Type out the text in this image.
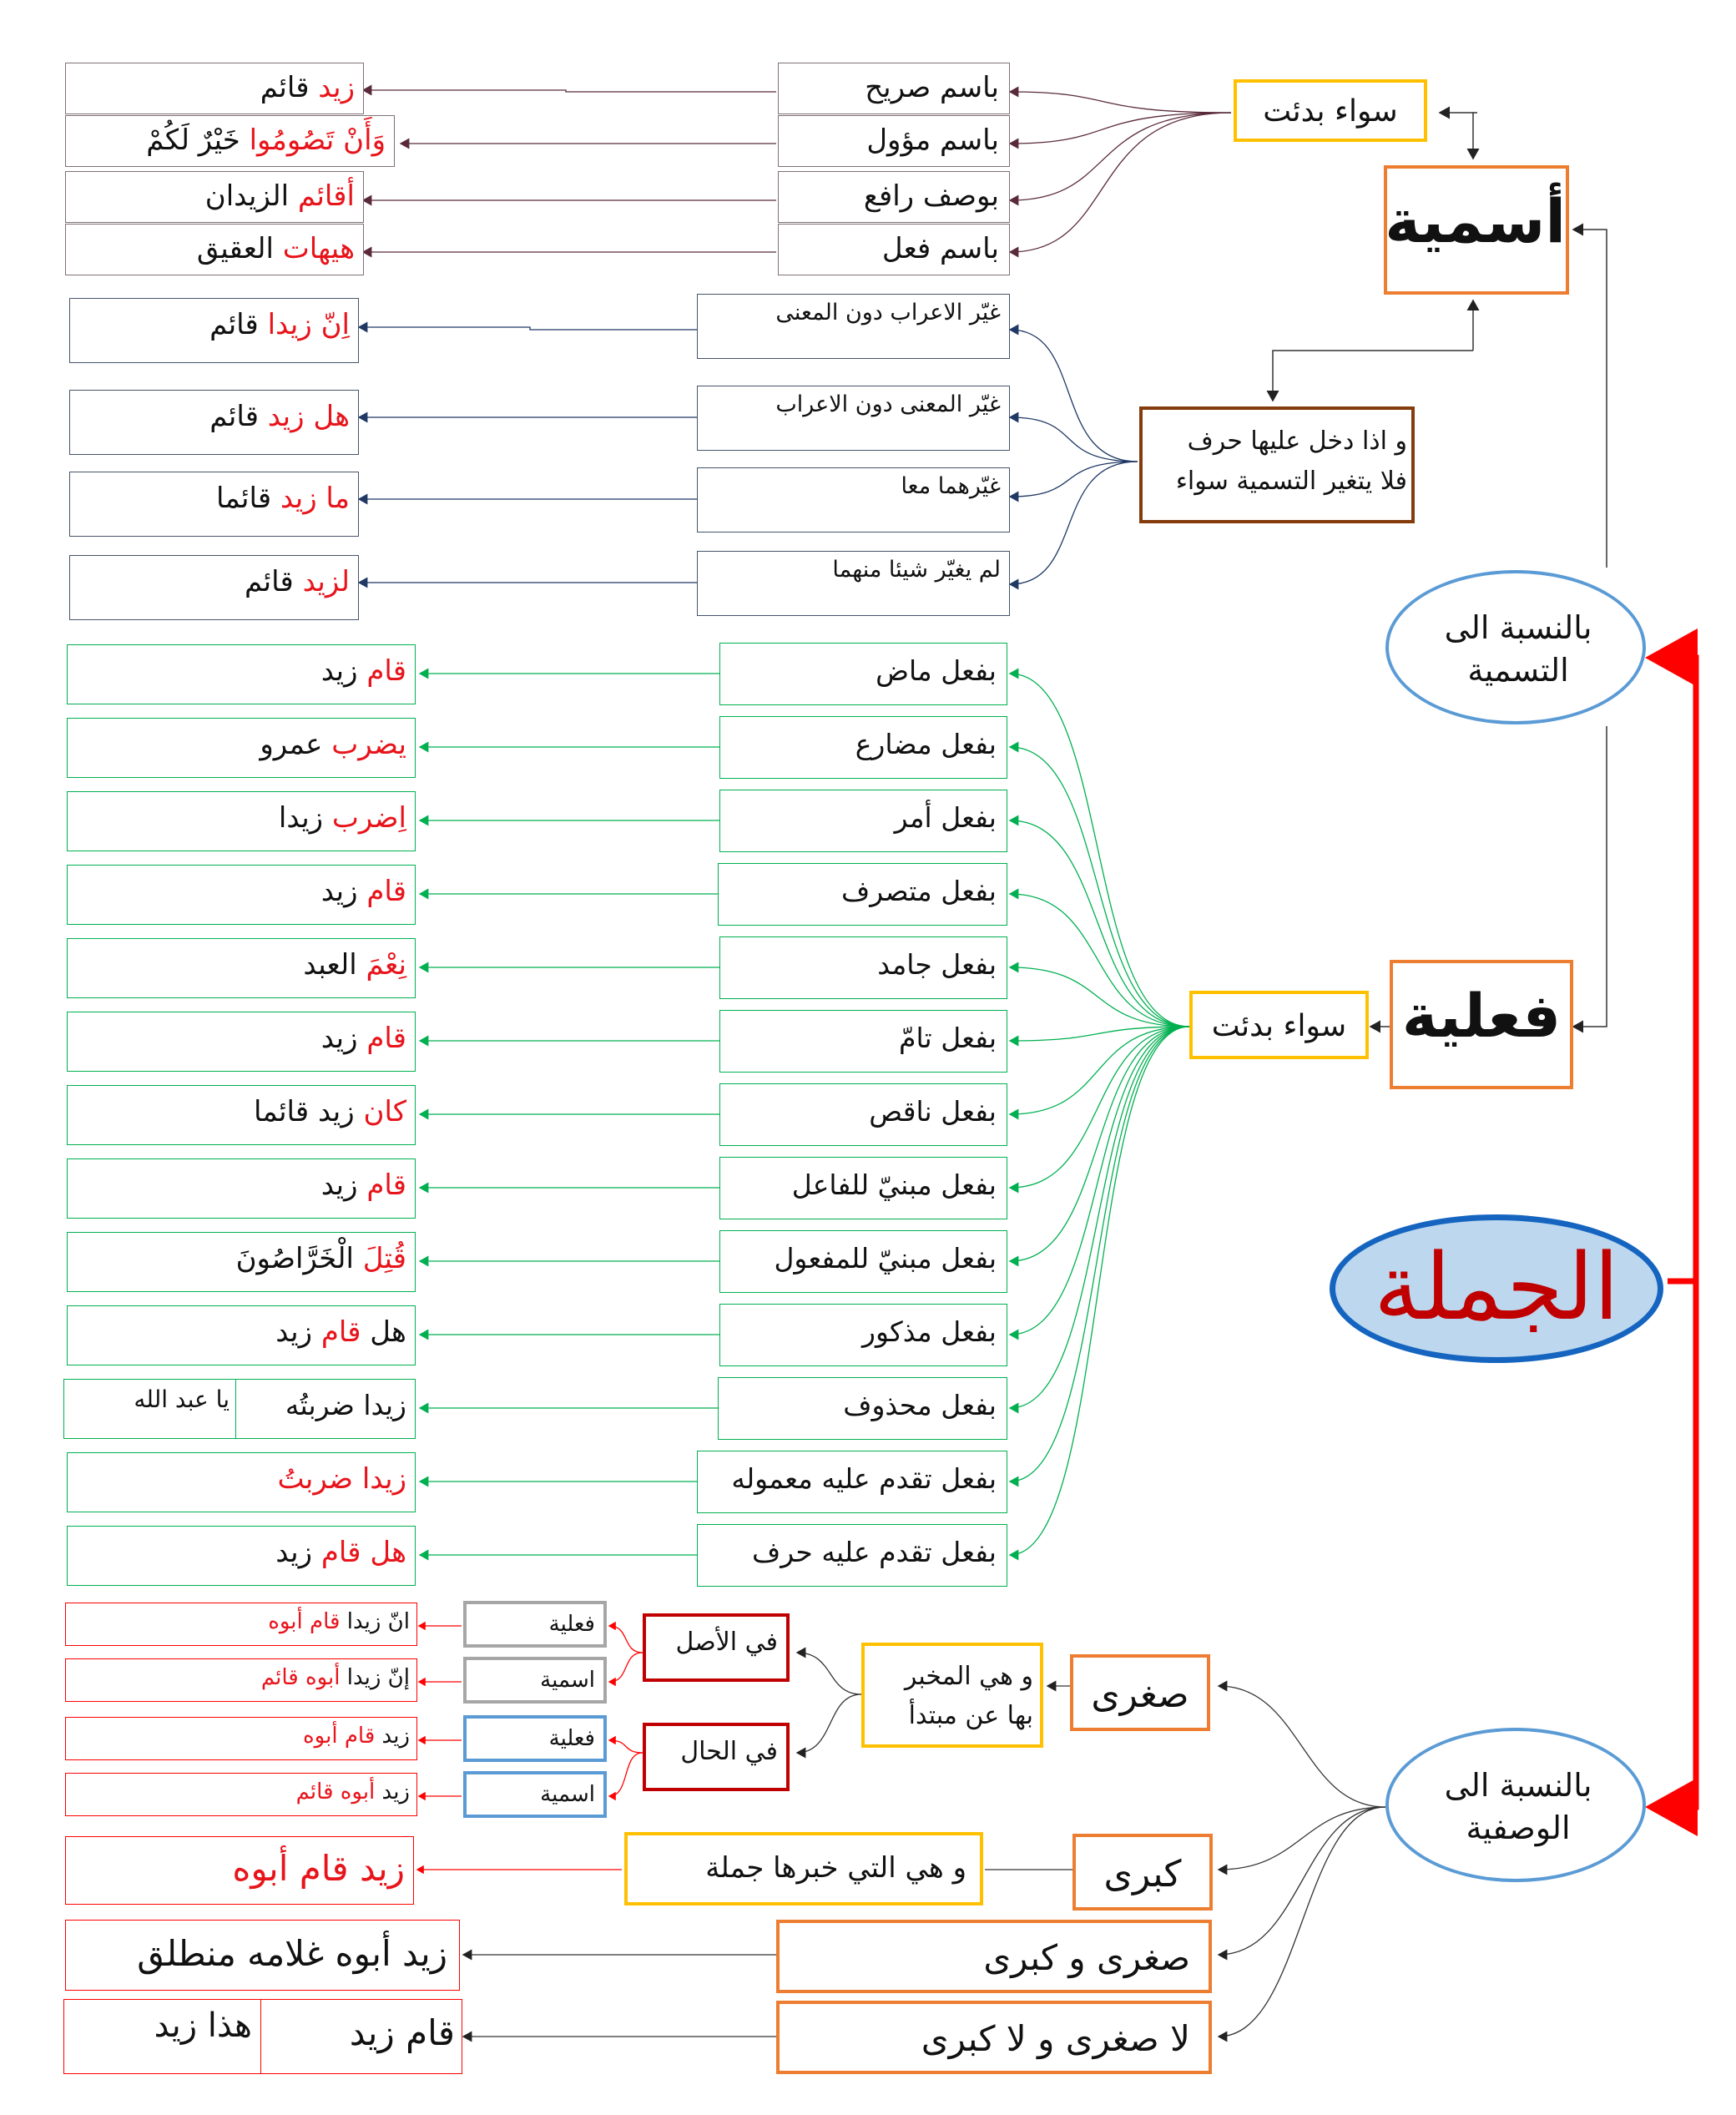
الجملة
بالنسبة الى التسمية
بالنسبة الى الوصفية
أسمية
سواء بدئت
و اذا دخل عليها حرف فلا يتغير التسمية سواء
باسم صريح
زيد قائم
باسم مؤول
وَأَنْ تَصُومُوا خَيْرٌ لَكُمْ
بوصف رافع
أقائم الزيدان
باسم فعل
هيهات العقيق
غيّر الاعراب دون المعنى
اِنّ زيدا قائم
غيّر المعنى دون الاعراب
هل زيد قائم
غيّرهما معا
ما زيد قائما
لم يغيّر شيئا منهما
لزيد قائم
فعلية
سواء بدئت
بفعل ماض
قام زيد
بفعل مضارع
يضرب عمرو
بفعل أمر
اِضرب زيدا
بفعل متصرف
قام زيد
بفعل جامد
نِعْمَ العبد
بفعل تامّ
قام زيد
بفعل ناقص
كان زيد قائما
بفعل مبنيّ للفاعل
قام زيد
بفعل مبنيّ للمفعول
قُتِلَ الْخَرَّاصُونَ
بفعل مذكور
هل قام زيد
بفعل محذوف
زيدا ضربتُه
يا عبد الله
بفعل تقدم عليه معموله
زيدا ضربتُ
بفعل تقدم عليه حرف
هل قام زيد
صغرى
و هي المخبر بها عن مبتدأ
في الأصل
في الحال
فعلية
انّ زيدا قام أبوه
اسمية
إنّ زيدا أبوه قائم
فعلية
زيد قام أبوه
اسمية
زيد أبوه قائم
كبرى
و هي التي خبرها جملة
زيد قام أبوه
صغرى و كبرى
زيد أبوه غلامه منطلق
لا صغرى و لا كبرى
قام زيد
هذا زيد
